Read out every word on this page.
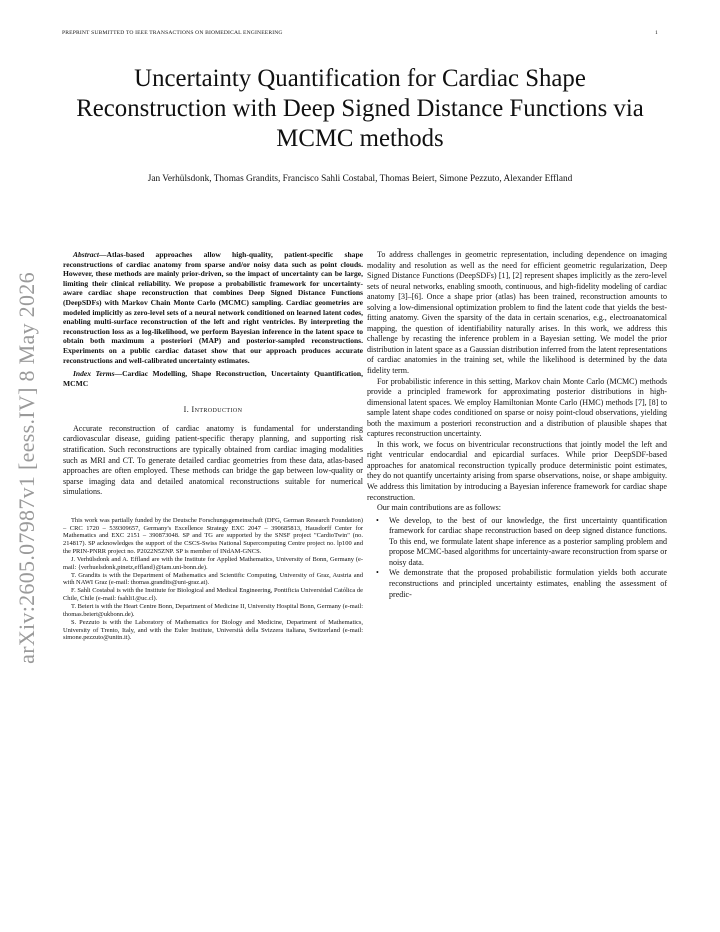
PREPRINT SUBMITTED TO IEEE TRANSACTIONS ON BIOMEDICAL ENGINEERING	1
arXiv:2605.07987v1 [eess.IV] 8 May 2026
Uncertainty Quantification for Cardiac Shape Reconstruction with Deep Signed Distance Functions via MCMC methods

Jan Verhülsdonk, Thomas Grandits, Francisco Sahli Costabal, Thomas Beiert, Simone Pezzuto, Alexander Effland

Abstract—Atlas-based approaches allow high-quality, patient-specific shape reconstructions of cardiac anatomy from sparse and/or noisy data such as point clouds. However, these methods are mainly prior-driven, so the impact of uncertainty can be large, limiting their clinical reliability. We propose a probabilistic framework for uncertainty-aware cardiac shape reconstruction that combines Deep Signed Distance Functions (DeepSDFs) with Markov Chain Monte Carlo (MCMC) sampling. Cardiac geometries are modeled implicitly as zero-level sets of a neural network conditioned on learned latent codes, enabling multi-surface reconstruction of the left and right ventricles. By interpreting the reconstruction loss as a log-likelihood, we perform Bayesian inference in the latent space to obtain both maximum a posteriori (MAP) and posterior-sampled reconstructions. Experiments on a public cardiac dataset show that our approach produces accurate reconstructions and well-calibrated uncertainty estimates.

Index Terms—Cardiac Modelling, Shape Reconstruction, Uncertainty Quantification, MCMC

I. Introduction

Accurate reconstruction of cardiac anatomy is fundamental for understanding cardiovascular disease, guiding patient-specific therapy planning, and supporting risk stratification. Such reconstructions are typically obtained from cardiac imaging modalities such as MRI and CT. To generate detailed cardiac geometries from these data, atlas-based approaches are often employed. These methods can bridge the gap between low-quality or sparse imaging data and detailed anatomical reconstructions suitable for numerical simulations.

This work was partially funded by the Deutsche Forschungsgemeinschaft (DFG, German Research Foundation) – CRC 1720 – 539309657, Germany's Excellence Strategy EXC 2047 – 390685813, Hausdorff Center for Mathematics and EXC 2151 – 390873048. SP and TG are supported by the SNSF project "CardioTwin" (no. 214817). SP acknowledges the support of the CSCS-Swiss National Supercomputing Centre project no. lp100 and the PRIN-PNRR project no. P2022N5ZNP. SP is member of INdAM-GNCS.

J. Verhülsdonk and A. Effland are with the Institute for Applied Mathematics, University of Bonn, Germany (e-mail: {verhuelsdonk,pinetz,effland}@iam.uni-bonn.de).

T. Grandits is with the Department of Mathematics and Scientific Computing, University of Graz, Austria and with NAWI Graz (e-mail: thomas.grandits@uni-graz.at).

F. Sahli Costabal is with the Institute for Biological and Medical Engineering, Pontificia Universidad Católica de Chile, Chile (e-mail: fsahli1@uc.cl).

T. Beiert is with the Heart Centre Bonn, Department of Medicine II, University Hospital Bonn, Germany (e-mail: thomas.beiert@ukbonn.de).

S. Pezzuto is with the Laboratory of Mathematics for Biology and Medicine, Department of Mathematics, University of Trento, Italy, and with the Euler Institute, Università della Svizzera italiana, Switzerland (e-mail: simone.pezzuto@unitn.it).

To address challenges in geometric representation, including dependence on imaging modality and resolution as well as the need for efficient geometric regularization, Deep Signed Distance Functions (DeepSDFs) [1], [2] represent shapes implicitly as the zero-level sets of neural networks, enabling smooth, continuous, and high-fidelity modeling of cardiac anatomy [3]–[6]. Once a shape prior (atlas) has been trained, reconstruction amounts to solving a low-dimensional optimization problem to find the latent code that yields the best-fitting anatomy. Given the sparsity of the data in certain scenarios, e.g., electroanatomical mapping, the question of identifiability naturally arises. In this work, we address this challenge by recasting the inference problem in a Bayesian setting. We model the prior distribution in latent space as a Gaussian distribution inferred from the latent representations of cardiac anatomies in the training set, while the likelihood is determined by the data fidelity term.

For probabilistic inference in this setting, Markov chain Monte Carlo (MCMC) methods provide a principled framework for approximating posterior distributions in high-dimensional latent spaces. We employ Hamiltonian Monte Carlo (HMC) methods [7], [8] to sample latent shape codes conditioned on sparse or noisy point-cloud observations, yielding both the maximum a posteriori reconstruction and a distribution of plausible shapes that captures reconstruction uncertainty.

In this work, we focus on biventricular reconstructions that jointly model the left and right ventricular endocardial and epicardial surfaces. While prior DeepSDF-based approaches for anatomical reconstruction typically produce deterministic point estimates, they do not quantify uncertainty arising from sparse observations, noise, or shape ambiguity. We address this limitation by introducing a Bayesian inference framework for cardiac shape reconstruction.

Our main contributions are as follows:

• We develop, to the best of our knowledge, the first uncertainty quantification framework for cardiac shape reconstruction based on deep signed distance functions. To this end, we formulate latent shape inference as a posterior sampling problem and propose MCMC-based algorithms for uncertainty-aware reconstruction from sparse or noisy data.
• We demonstrate that the proposed probabilistic formulation yields both accurate reconstructions and principled uncertainty estimates, enabling the assessment of predic-
